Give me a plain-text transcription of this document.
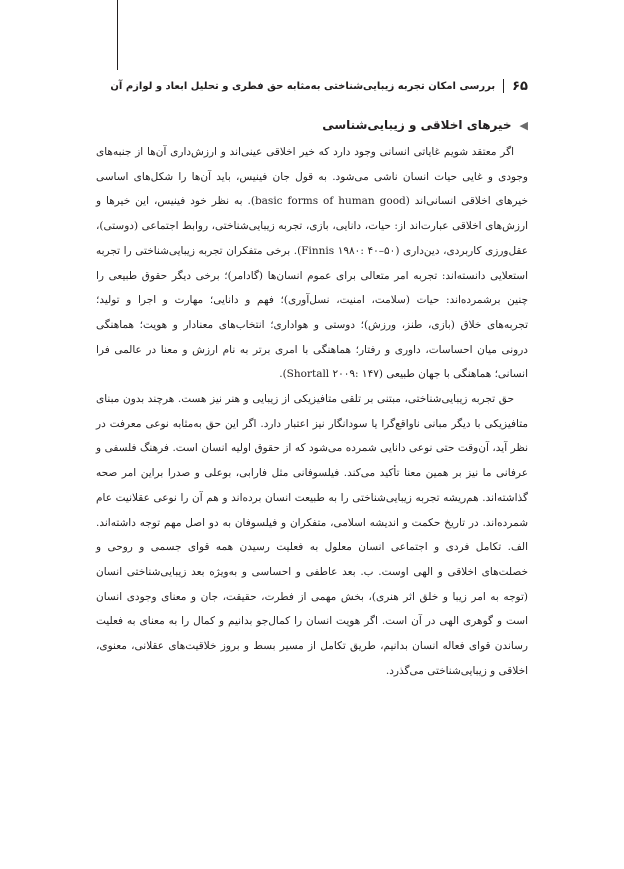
۶۵
بررسی امکان تجربه زیبایی‌شناختی به‌مثابه حق فطری و تحلیل ابعاد و لوازم آن
◀
خیرهای اخلاقی و زیبایی‌شناسی

اگر معتقد شویم غایاتی انسانی وجود دارد که خیر اخلاقی عینی‌اند و ارزش‌داری آن‌ها از جنبه‌های وجودی و غایی حیات انسان ناشی می‌شود. به قول جان فینیس، باید آن‌ها را شکل‌های اساسی خیرهای اخلاقی انسانی‌اند (basic forms of human good). به نظر خود فینیس، این خیرها و ارزش‌های اخلاقی عبارت‌اند از: حیات، دانایی، بازی، تجربه زیبایی‌شناختی، روابط اجتماعی (دوستی)، عقل‌ورزی کاربردی، دین‌داری (Finnis ۱۹۸۰: ۴۰–۵۰). برخی متفکران تجربه زیبایی‌شناختی را تجربه استعلایی دانسته‌اند: تجربه امر متعالی برای عموم انسان‌ها (گادامر)؛ برخی دیگر حقوق طبیعی را چنین برشمرده‌اند: حیات (سلامت، امنیت، نسل‌آوری)؛ فهم و دانایی؛ مهارت و اجرا و تولید؛ تجربه‌های خلاق (بازی، طنز، ورزش)؛ دوستی و هواداری؛ انتخاب‌های معنادار و هویت؛ هماهنگی درونی میان احساسات، داوری و رفتار؛ هماهنگی با امری برتر به نام ارزش و معنا در عالمی فرا انسانی؛ هماهنگی با جهان طبیعی (Shortall ۲۰۰۹: ۱۴۷).

حق تجربه زیبایی‌شناختی، مبتنی بر تلقی متافیزیکی از زیبایی و هنر نیز هست. هرچند بدون مبنای متافیزیکی با دیگر مبانی ناواقع‌گرا یا سودانگار نیز اعتبار دارد. اگر این حق به‌مثابه نوعی معرفت در نظر آید، آن‌وقت حتی نوعی دانایی شمرده می‌شود که از حقوق اولیه انسان است. فرهنگ فلسفی و عرفانی ما نیز بر همین معنا تأکید می‌کند. فیلسوفانی مثل فارابی، بوعلی و صدرا براین امر صحه گذاشته‌اند. هم‌ریشه تجربه زیبایی‌شناختی را به طبیعت انسان برده‌اند و هم آن را نوعی عقلانیت عام شمرده‌اند. در تاریخ حکمت و اندیشه اسلامی، متفکران و فیلسوفان به دو اصل مهم توجه داشته‌اند. الف. تکامل فردی و اجتماعی انسان معلول به فعلیت رسیدن همه قوای جسمی و روحی و خصلت‌های اخلاقی و الهی اوست. ب. بعد عاطفی و احساسی و به‌ویژه بعد زیبایی‌شناختی انسان (توجه به امر زیبا و خلق اثر هنری)، بخش مهمی از فطرت، حقیقت، جان و معنای وجودی انسان است و گوهری الهی در آن است. اگر هویت انسان را کمال‌جو بدانیم و کمال را به معنای به فعلیت رساندن قوای فعاله انسان بدانیم، طریق تکامل از مسیر بسط و بروز خلاقیت‌های عقلانی، معنوی، اخلاقی و زیبایی‌شناختی می‌گذرد.
